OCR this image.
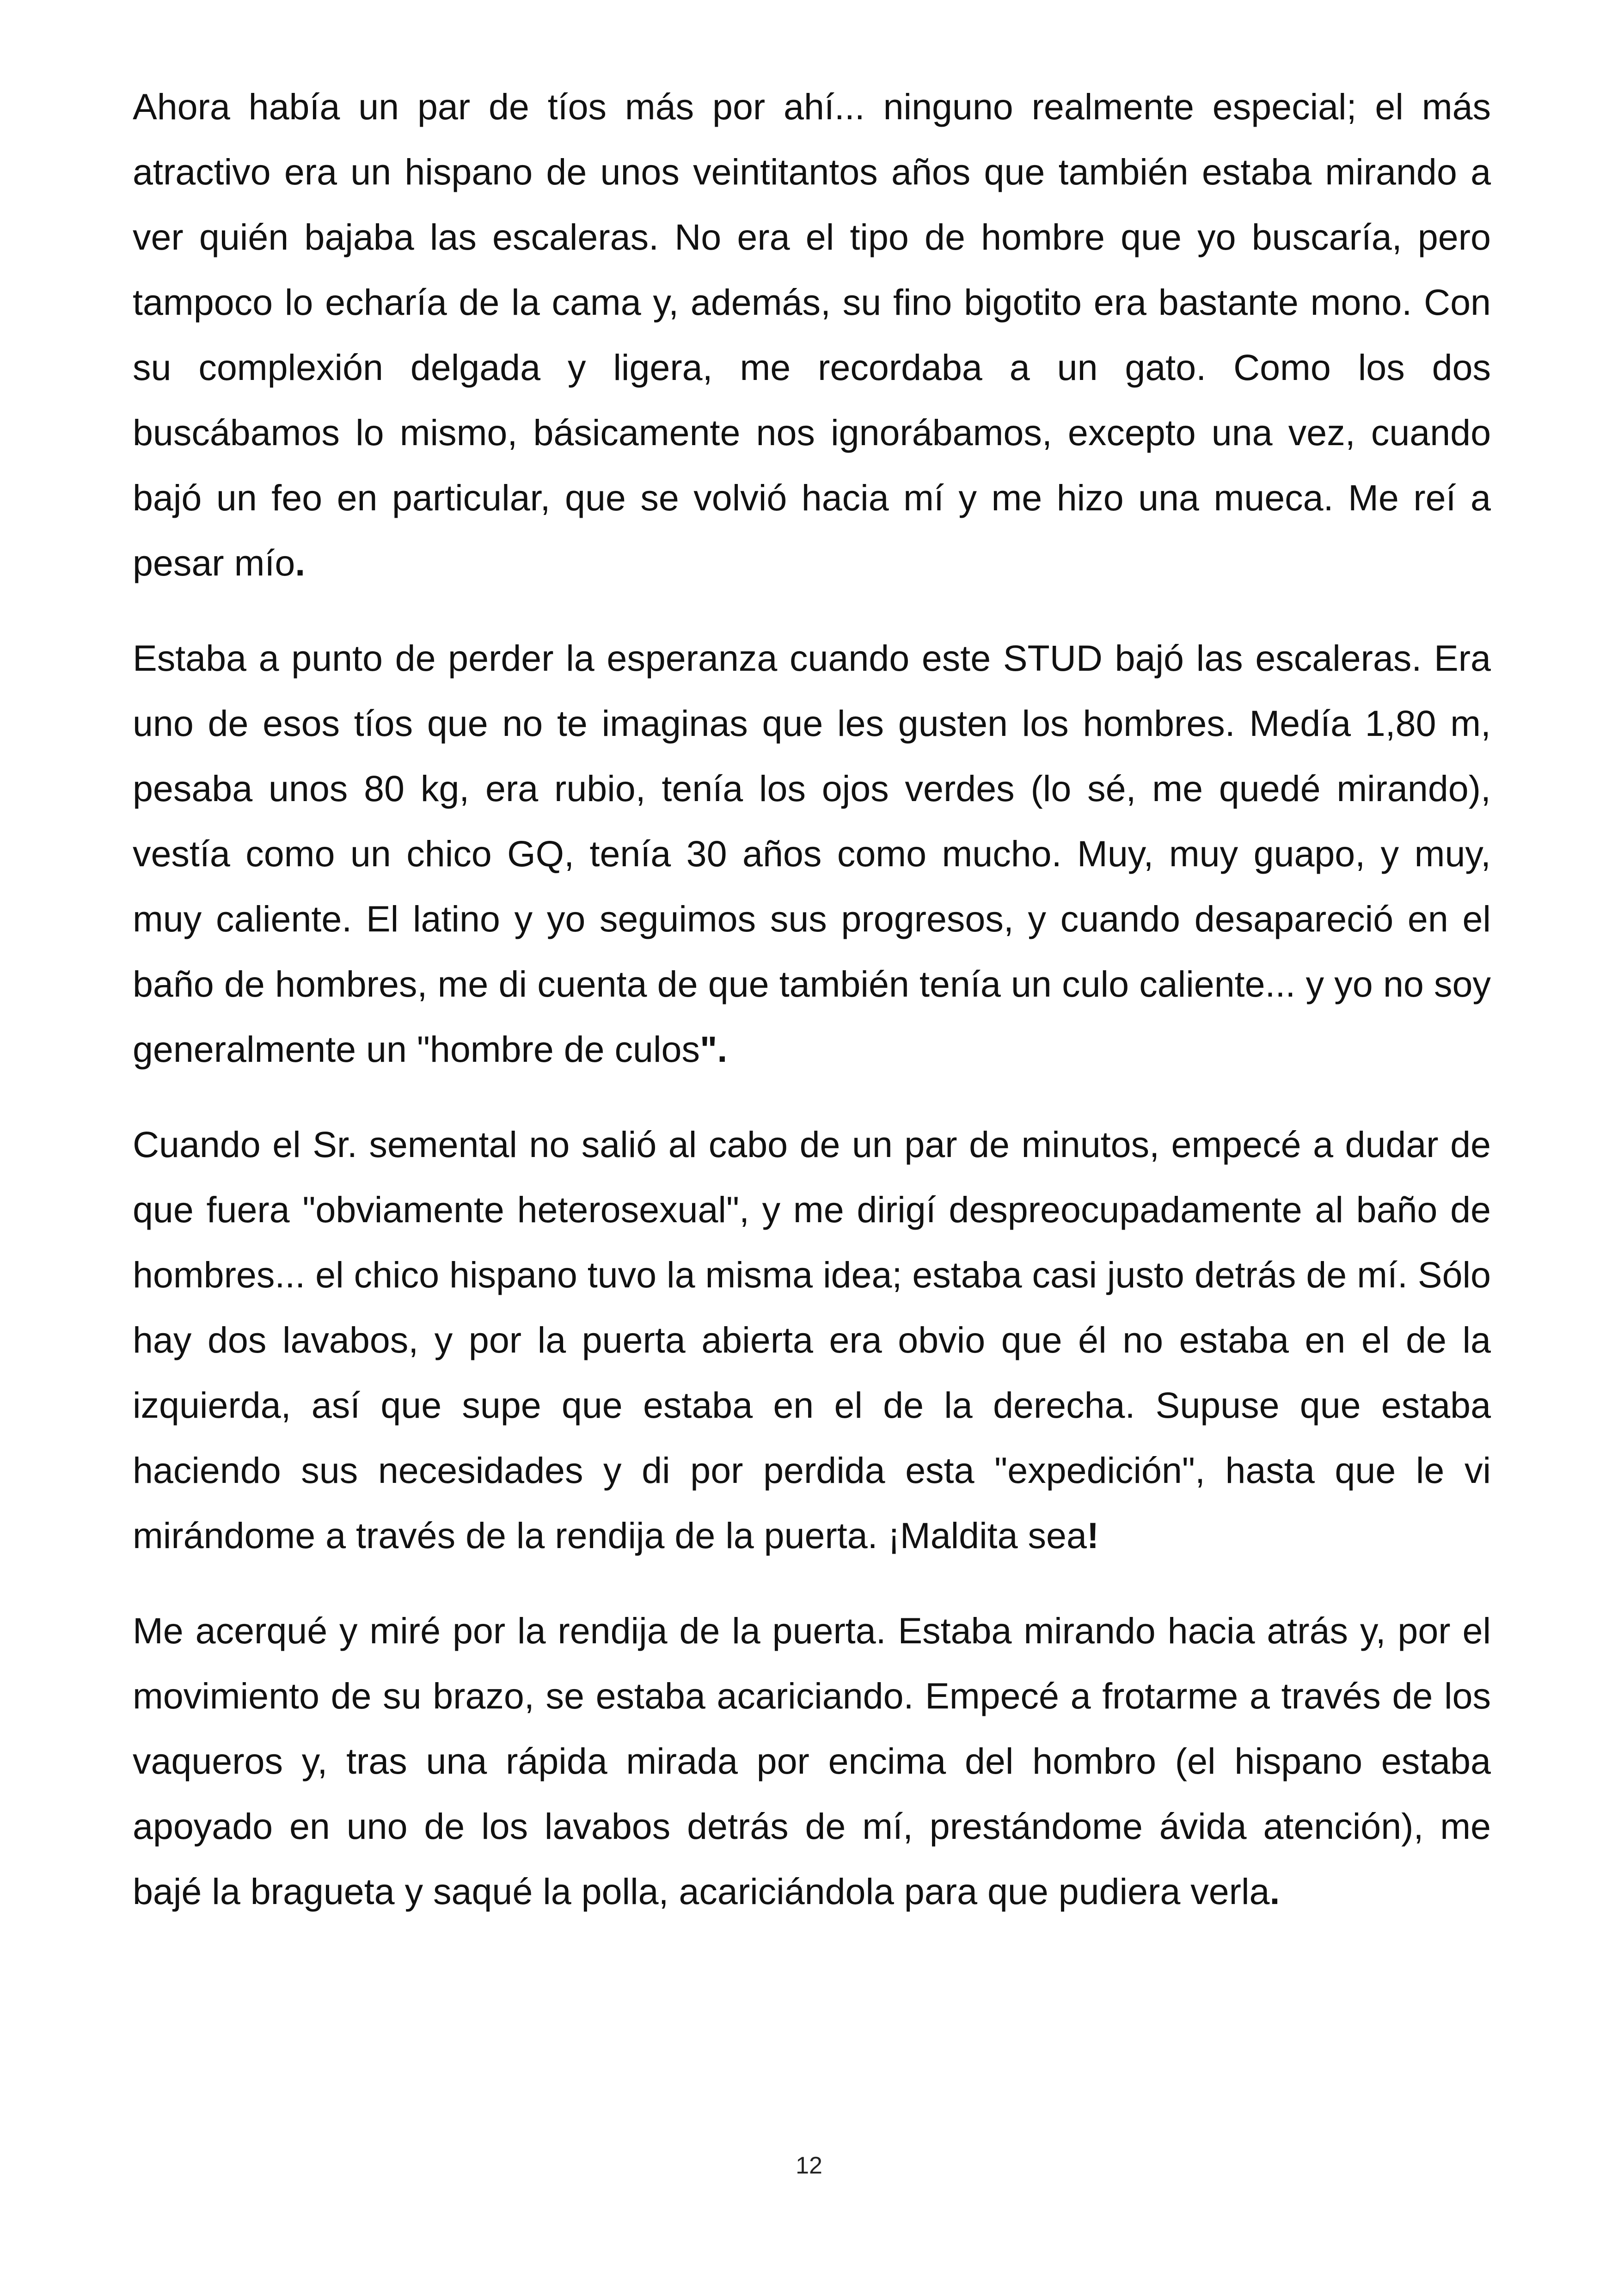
Ahora había un par de tíos más por ahí... ninguno realmente especial; el más atractivo era un hispano de unos veintitantos años que también estaba mirando a ver quién bajaba las escaleras. No era el tipo de hombre que yo buscaría, pero tampoco lo echaría de la cama y, además, su fino bigotito era bastante mono. Con su complexión delgada y ligera, me recordaba a un gato. Como los dos buscábamos lo mismo, básicamente nos ignorábamos, excepto una vez, cuando bajó un feo en particular, que se volvió hacia mí y me hizo una mueca. Me reí a pesar mío.

Estaba a punto de perder la esperanza cuando este STUD bajó las escaleras. Era uno de esos tíos que no te imaginas que les gusten los hombres. Medía 1,80 m, pesaba unos 80 kg, era rubio, tenía los ojos verdes (lo sé, me quedé mirando), vestía como un chico GQ, tenía 30 años como mucho. Muy, muy guapo, y muy, muy caliente. El latino y yo seguimos sus progresos, y cuando desapareció en el baño de hombres, me di cuenta de que también tenía un culo caliente... y yo no soy generalmente un "hombre de culos".

Cuando el Sr. semental no salió al cabo de un par de minutos, empecé a dudar de que fuera "obviamente heterosexual", y me dirigí despreocupadamente al baño de hombres... el chico hispano tuvo la misma idea; estaba casi justo detrás de mí. Sólo hay dos lavabos, y por la puerta abierta era obvio que él no estaba en el de la izquierda, así que supe que estaba en el de la derecha. Supuse que estaba haciendo sus necesidades y di por perdida esta "expedición", hasta que le vi mirándome a través de la rendija de la puerta. ¡Maldita sea!

Me acerqué y miré por la rendija de la puerta. Estaba mirando hacia atrás y, por el movimiento de su brazo, se estaba acariciando. Empecé a frotarme a través de los vaqueros y, tras una rápida mirada por encima del hombro (el hispano estaba apoyado en uno de los lavabos detrás de mí, prestándome ávida atención), me bajé la bragueta y saqué la polla, acariciándola para que pudiera verla.

12
